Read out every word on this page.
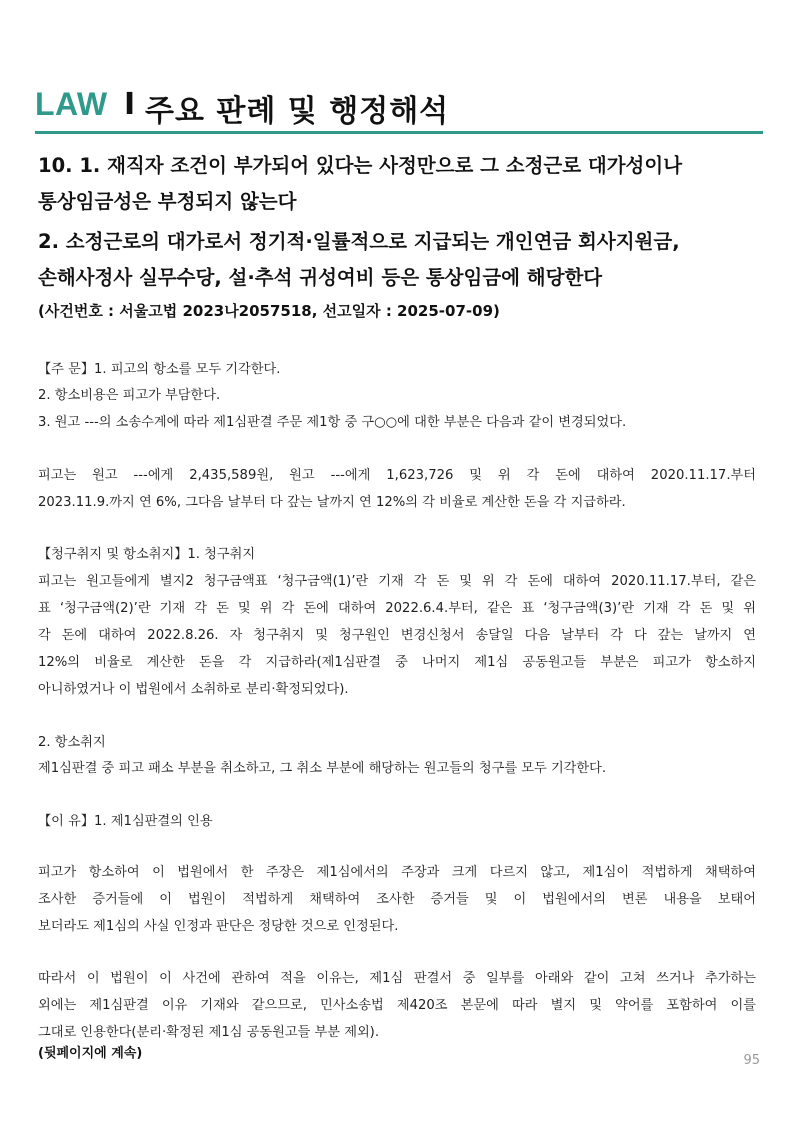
LAW I 주요 판례 및 행정해석
10. 1. 재직자 조건이 부가되어 있다는 사정만으로 그 소정근로 대가성이나
통상임금성은 부정되지 않는다
2. 소정근로의 대가로서 정기적·일률적으로 지급되는 개인연금 회사지원금,
손해사정사 실무수당, 설·추석 귀성여비 등은 통상임금에 해당한다
(사건번호 : 서울고법 2023나2057518, 선고일자 : 2025-07-09)
【주 문】1. 피고의 항소를 모두 기각한다.
2. 항소비용은 피고가 부담한다.
3. 원고 ---의 소송수계에 따라 제1심판결 주문 제1항 중 구○○에 대한 부분은 다음과 같이 변경되었다.
피고는 원고 ---에게 2,435,589원, 원고 ---에게 1,623,726 및 위 각 돈에 대하여 2020.11.17.부터
2023.11.9.까지 연 6%, 그다음 날부터 다 갚는 날까지 연 12%의 각 비율로 계산한 돈을 각 지급하라.
【청구취지 및 항소취지】1. 청구취지
피고는 원고들에게 별지2 청구금액표 ‘청구금액(1)’란 기재 각 돈 및 위 각 돈에 대하여 2020.11.17.부터, 같은
표 ‘청구금액(2)’란 기재 각 돈 및 위 각 돈에 대하여 2022.6.4.부터, 같은 표 ‘청구금액(3)’란 기재 각 돈 및 위
각 돈에 대하여 2022.8.26. 자 청구취지 및 청구원인 변경신청서 송달일 다음 날부터 각 다 갚는 날까지 연
12%의 비율로 계산한 돈을 각 지급하라(제1심판결 중 나머지 제1심 공동원고들 부분은 피고가 항소하지
아니하였거나 이 법원에서 소취하로 분리·확정되었다).
2. 항소취지
제1심판결 중 피고 패소 부분을 취소하고, 그 취소 부분에 해당하는 원고들의 청구를 모두 기각한다.
【이 유】1. 제1심판결의 인용
피고가 항소하여 이 법원에서 한 주장은 제1심에서의 주장과 크게 다르지 않고, 제1심이 적법하게 채택하여
조사한 증거들에 이 법원이 적법하게 채택하여 조사한 증거들 및 이 법원에서의 변론 내용을 보태어
보더라도 제1심의 사실 인정과 판단은 정당한 것으로 인정된다.
따라서 이 법원이 이 사건에 관하여 적을 이유는, 제1심 판결서 중 일부를 아래와 같이 고쳐 쓰거나 추가하는
외에는 제1심판결 이유 기재와 같으므로, 민사소송법 제420조 본문에 따라 별지 및 약어를 포함하여 이를
그대로 인용한다(분리·확정된 제1심 공동원고들 부분 제외).
(뒷페이지에 계속)	95
